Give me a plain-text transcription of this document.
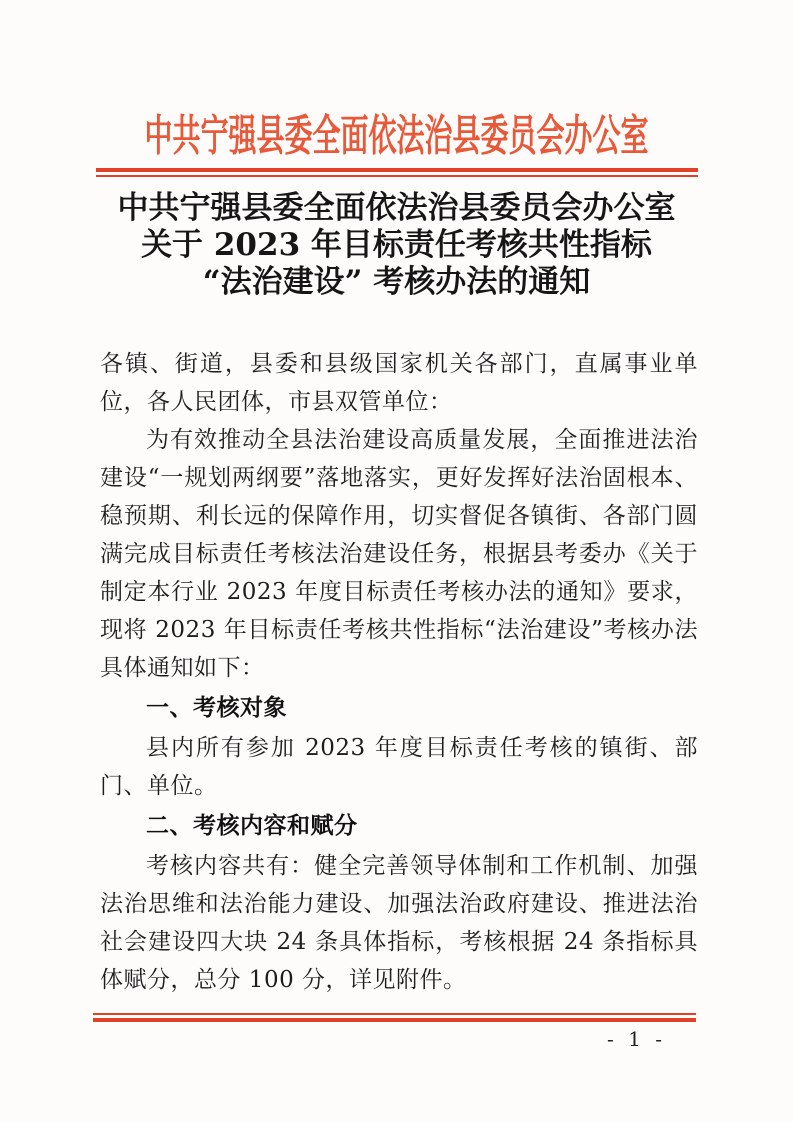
中共宁强县委全面依法治县委员会办公室
中共宁强县委全面依法治县委员会办公室
关于 2023 年目标责任考核共性指标
“法治建设” 考核办法的通知

各镇、街道，县委和县级国家机关各部门，直属事业单位，各人民团体，市县双管单位：

为有效推动全县法治建设高质量发展，全面推进法治建设“一规划两纲要”落地落实，更好发挥好法治固根本、稳预期、利长远的保障作用，切实督促各镇街、各部门圆满完成目标责任考核法治建设任务，根据县考委办《关于制定本行业 2023 年度目标责任考核办法的通知》要求，现将 2023 年目标责任考核共性指标“法治建设”考核办法具体通知如下：

一、考核对象

县内所有参加 2023 年度目标责任考核的镇街、部门、单位。

二、考核内容和赋分

考核内容共有：健全完善领导体制和工作机制、加强法治思维和法治能力建设、加强法治政府建设、推进法治社会建设四大块 24 条具体指标，考核根据 24 条指标具体赋分，总分 100 分，详见附件。

- 1 -
